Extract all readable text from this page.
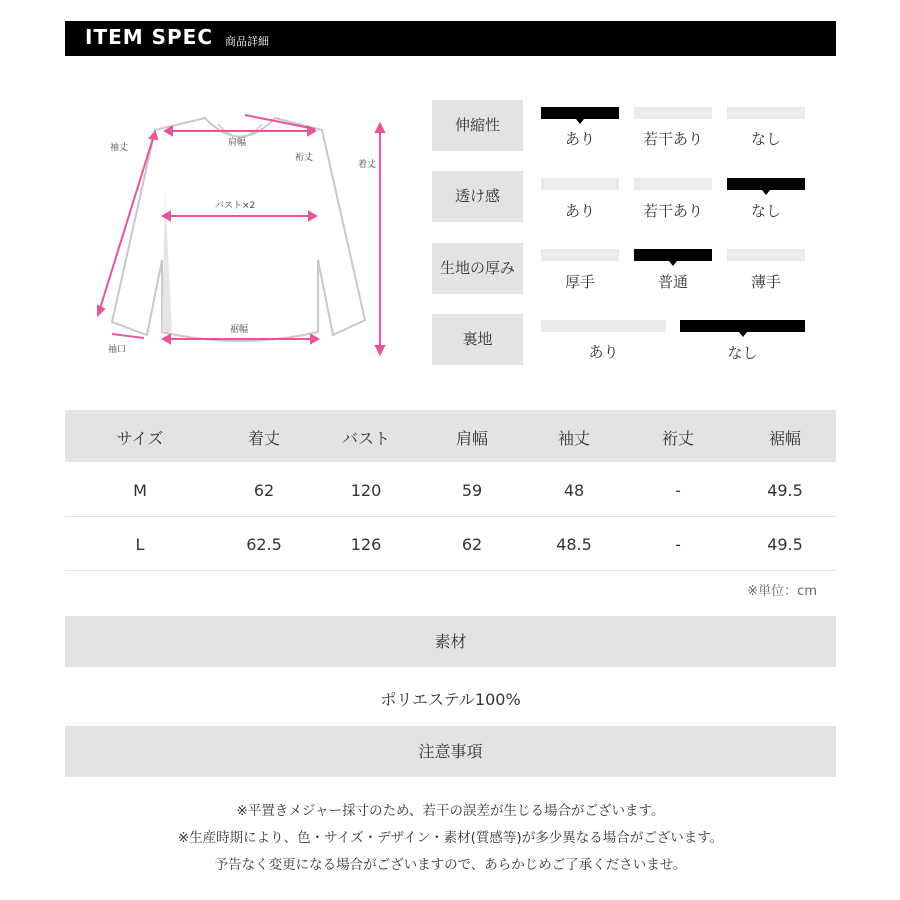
ITEM SPEC 商品詳細
袖丈	肩幅
裄丈
着丈
バスト×2
裾幅
袖口
伸縮性
あり	若干あり	なし
透け感
あり	若干あり	なし
生地の厚み
厚手	普通	薄手
裏地
あり	なし
サイズ	着丈	バスト	肩幅	袖丈	裄丈	裾幅
M	62	120	59	48	-	49.5
L	62.5	126	62	48.5	-	49.5
※単位：cm
素材
ポリエステル100%
注意事項
※平置きメジャー採寸のため、若干の誤差が生じる場合がございます。
※生産時期により、色・サイズ・デザイン・素材(質感等)が多少異なる場合がございます。
予告なく変更になる場合がございますので、あらかじめご了承くださいませ。
